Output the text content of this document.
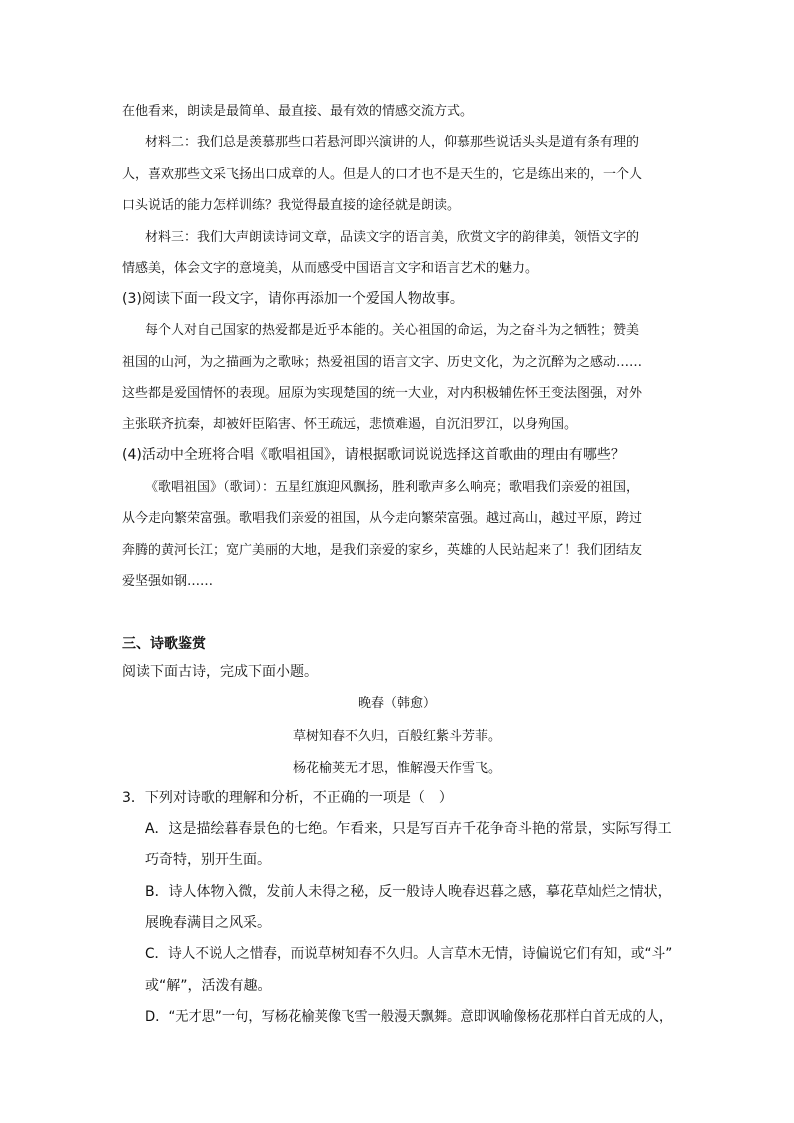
在他看来，朗读是最简单、最直接、最有效的情感交流方式。
材料二：我们总是羡慕那些口若悬河即兴演讲的人，仰慕那些说话头头是道有条有理的
人，喜欢那些文采飞扬出口成章的人。但是人的口才也不是天生的，它是练出来的，一个人
口头说话的能力怎样训练？我觉得最直接的途径就是朗读。
材料三：我们大声朗读诗词文章，品读文字的语言美，欣赏文字的韵律美，领悟文字的
情感美，体会文字的意境美，从而感受中国语言文字和语言艺术的魅力。
(3)阅读下面一段文字，请你再添加一个爱国人物故事。
每个人对自己国家的热爱都是近乎本能的。关心祖国的命运，为之奋斗为之牺牲；赞美
祖国的山河，为之描画为之歌咏；热爱祖国的语言文字、历史文化，为之沉醉为之感动……
这些都是爱国情怀的表现。屈原为实现楚国的统一大业，对内积极辅佐怀王变法图强，对外
主张联齐抗秦，却被奸臣陷害、怀王疏远，悲愤难遏，自沉汨罗江，以身殉国。
(4)活动中全班将合唱《歌唱祖国》，请根据歌词说说选择这首歌曲的理由有哪些？
《歌唱祖国》（歌词）：五星红旗迎风飘扬，胜利歌声多么响亮；歌唱我们亲爱的祖国，
从今走向繁荣富强。歌唱我们亲爱的祖国，从今走向繁荣富强。越过高山，越过平原，跨过
奔腾的黄河长江；宽广美丽的大地，是我们亲爱的家乡，英雄的人民站起来了！我们团结友
爱坚强如钢……
三、诗歌鉴赏
阅读下面古诗，完成下面小题。
晚春（韩愈）
草树知春不久归，百般红紫斗芳菲。
杨花榆荚无才思，惟解漫天作雪飞。
3．下列对诗歌的理解和分析，不正确的一项是（　）
A．这是描绘暮春景色的七绝。乍看来，只是写百卉千花争奇斗艳的常景，实际写得工
巧奇特，别开生面。
B．诗人体物入微，发前人未得之秘，反一般诗人晚春迟暮之感，摹花草灿烂之情状，
展晚春满目之风采。
C．诗人不说人之惜春，而说草树知春不久归。人言草木无情，诗偏说它们有知，或“斗”
或“解”，活泼有趣。
D．“无才思”一句，写杨花榆荚像飞雪一般漫天飘舞。意即讽喻像杨花那样白首无成的人，
